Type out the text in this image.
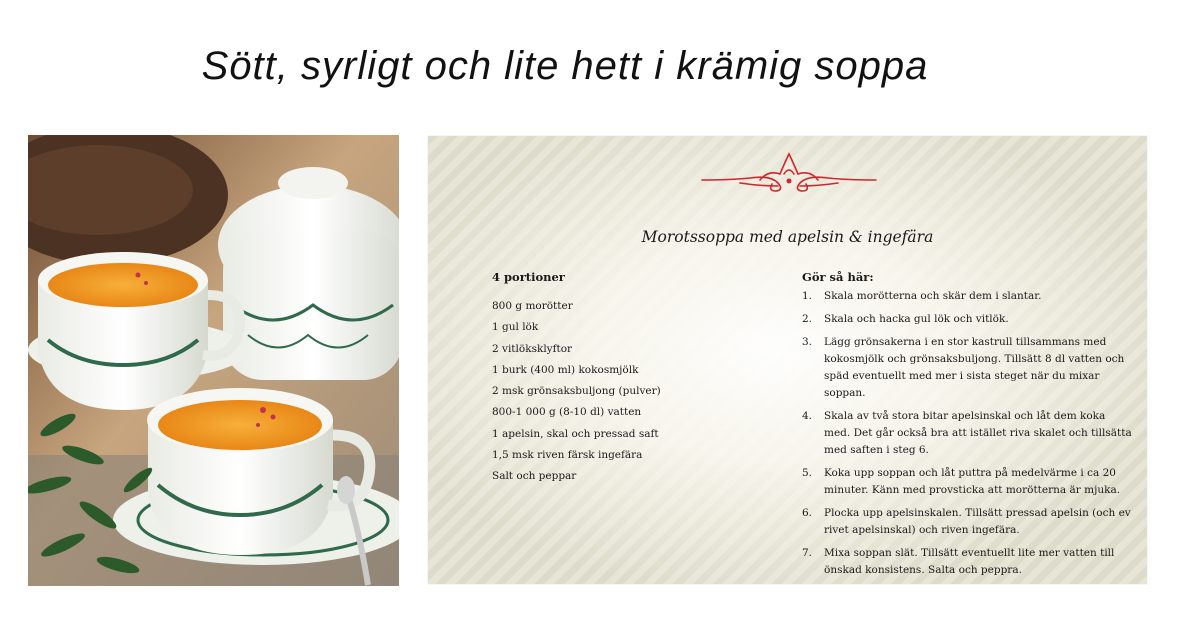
Sött, syrligt och lite hett i krämig soppa
Morotssoppa med apelsin & ingefära
4 portioner
800 g morötter
1 gul lök
2 vitlöksklyftor
1 burk (400 ml) kokosmjölk
2 msk grönsaksbuljong (pulver)
800-1 000 g (8-10 dl) vatten
1 apelsin, skal och pressad saft
1,5 msk riven färsk ingefära
Salt och peppar
Gör så här:
1.	Skala morötterna och skär dem i slantar.
2.	Skala och hacka gul lök och vitlök.
3.	Lägg grönsakerna i en stor kastrull tillsammans med kokosmjölk och grönsaksbuljong. Tillsätt 8 dl vatten och späd eventuellt med mer i sista steget när du mixar soppan.
4.	Skala av två stora bitar apelsinskal och låt dem koka med. Det går också bra att istället riva skalet och tillsätta med saften i steg 6.
5.	Koka upp soppan och låt puttra på medelvärme i ca 20 minuter. Känn med provsticka att morötterna är mjuka.
6.	Plocka upp apelsinskalen. Tillsätt pressad apelsin (och ev rivet apelsinskal) och riven ingefära.
7.	Mixa soppan slät. Tillsätt eventuellt lite mer vatten till önskad konsistens. Salta och peppra.
